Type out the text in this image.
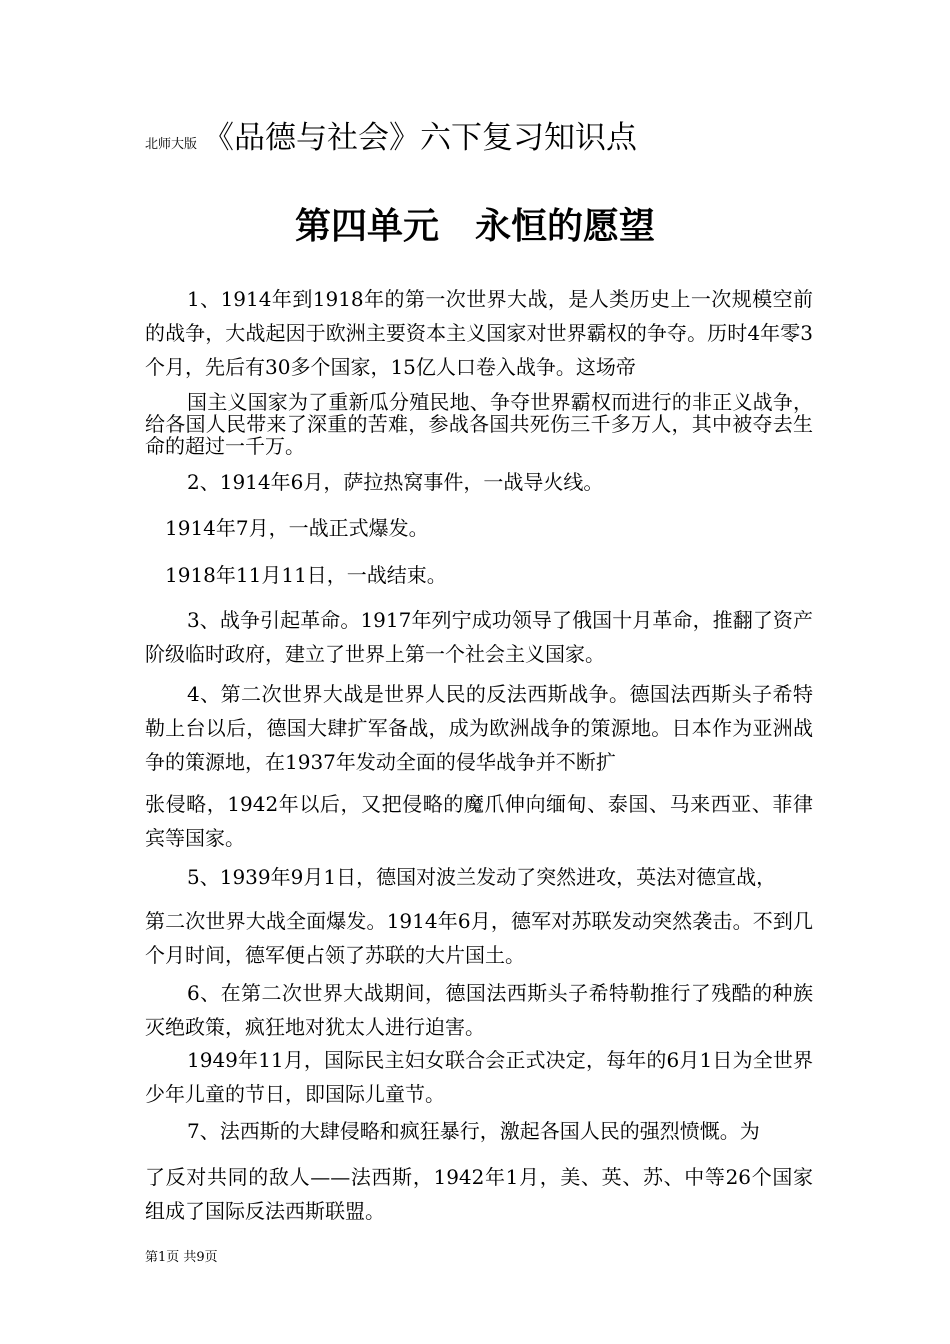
北师大版 《品德与社会》六下复习知识点
第四单元　永恒的愿望
1、1914年到1918年的第一次世界大战，是人类历史上一次规模空前的战争，大战起因于欧洲主要资本主义国家对世界霸权的争夺。历时4年零3个月，先后有30多个国家，15亿人口卷入战争。这场帝
国主义国家为了重新瓜分殖民地、争夺世界霸权而进行的非正义战争，给各国人民带来了深重的苦难，参战各国共死伤三千多万人，其中被夺去生命的超过一千万。
2、1914年6月，萨拉热窝事件，一战导火线。
1914年7月，一战正式爆发。
1918年11月11日，一战结束。
3、战争引起革命。1917年列宁成功领导了俄国十月革命，推翻了资产阶级临时政府，建立了世界上第一个社会主义国家。
4、第二次世界大战是世界人民的反法西斯战争。德国法西斯头子希特勒上台以后，德国大肆扩军备战，成为欧洲战争的策源地。日本作为亚洲战争的策源地，在1937年发动全面的侵华战争并不断扩
张侵略，1942年以后，又把侵略的魔爪伸向缅甸、泰国、马来西亚、菲律宾等国家。
5、1939年9月1日，德国对波兰发动了突然进攻，英法对德宣战，
第二次世界大战全面爆发。1914年6月，德军对苏联发动突然袭击。不到几个月时间，德军便占领了苏联的大片国土。
6、在第二次世界大战期间，德国法西斯头子希特勒推行了残酷的种族灭绝政策，疯狂地对犹太人进行迫害。
1949年11月，国际民主妇女联合会正式决定，每年的6月1日为全世界少年儿童的节日，即国际儿童节。
7、法西斯的大肆侵略和疯狂暴行，激起各国人民的强烈愤慨。为
了反对共同的敌人——法西斯，1942年1月，美、英、苏、中等26个国家组成了国际反法西斯联盟。
第1页 共9页
